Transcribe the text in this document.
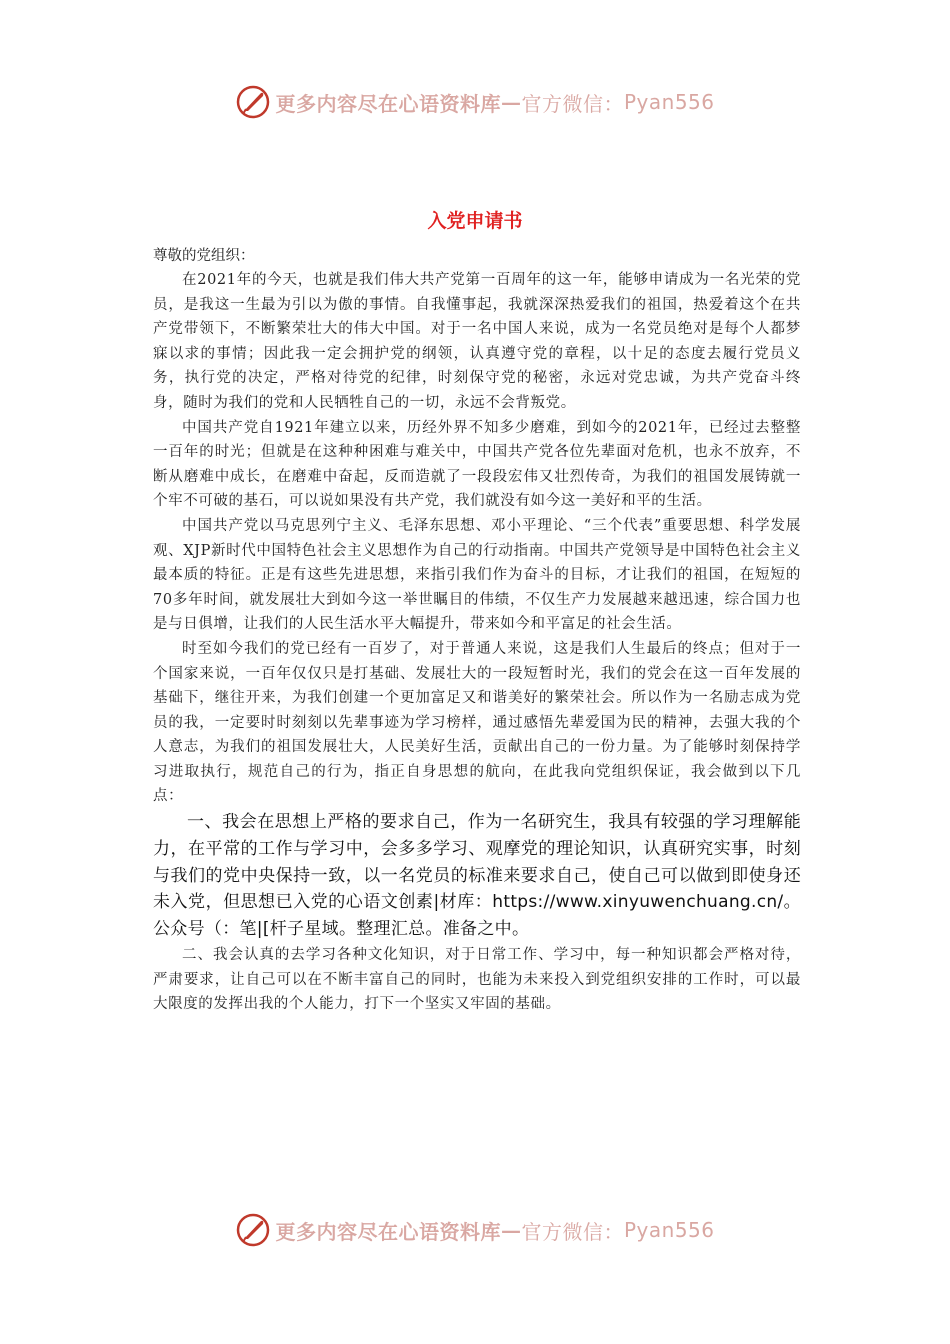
更多内容尽在心语资料库 — 官方微信： Pyan556
入党申请书

尊敬的党组织：

在2021年的今天，也就是我们伟大共产党第一百周年的这一年，能够申请成为一名光荣的党员，是我这一生最为引以为傲的事情。自我懂事起，我就深深热爱我们的祖国，热爱着这个在共产党带领下，不断繁荣壮大的伟大中国。对于一名中国人来说，成为一名党员绝对是每个人都梦寐以求的事情；因此我一定会拥护党的纲领，认真遵守党的章程，以十足的态度去履行党员义务，执行党的决定，严格对待党的纪律，时刻保守党的秘密，永远对党忠诚，为共产党奋斗终身，随时为我们的党和人民牺牲自己的一切，永远不会背叛党。

中国共产党自1921年建立以来，历经外界不知多少磨难，到如今的2021年，已经过去整整一百年的时光；但就是在这种种困难与难关中，中国共产党各位先辈面对危机，也永不放弃，不断从磨难中成长，在磨难中奋起，反而造就了一段段宏伟又壮烈传奇，为我们的祖国发展铸就一个牢不可破的基石，可以说如果没有共产党，我们就没有如今这一美好和平的生活。

中国共产党以马克思列宁主义、毛泽东思想、邓小平理论、“三个代表”重要思想、科学发展观、XJP新时代中国特色社会主义思想作为自己的行动指南。中国共产党领导是中国特色社会主义最本质的特征。正是有这些先进思想，来指引我们作为奋斗的目标，才让我们的祖国，在短短的70多年时间，就发展壮大到如今这一举世瞩目的伟绩，不仅生产力发展越来越迅速，综合国力也是与日俱增，让我们的人民生活水平大幅提升，带来如今和平富足的社会生活。

时至如今我们的党已经有一百岁了，对于普通人来说，这是我们人生最后的终点；但对于一个国家来说，一百年仅仅只是打基础、发展壮大的一段短暂时光，我们的党会在这一百年发展的基础下，继往开来，为我们创建一个更加富足又和谐美好的繁荣社会。所以作为一名励志成为党员的我，一定要时时刻刻以先辈事迹为学习榜样，通过感悟先辈爱国为民的精神，去强大我的个人意志，为我们的祖国发展壮大，人民美好生活，贡献出自己的一份力量。为了能够时刻保持学习进取执行，规范自己的行为，指正自身思想的航向，在此我向党组织保证，我会做到以下几点：

一、我会在思想上严格的要求自己，作为一名研究生，我具有较强的学习理解能力，在平常的工作与学习中，会多多学习、观摩党的理论知识，认真研究实事，时刻与我们的党中央保持一致，以一名党员的标准来要求自己，使自己可以做到即使身还未入党，但思想已入党的心语文创素|材库：https://www.xinyuwenchuang.cn/。公众号（：笔|[杆子星域。整理汇总。准备之中。

二、我会认真的去学习各种文化知识，对于日常工作、学习中，每一种知识都会严格对待，严肃要求，让自己可以在不断丰富自己的同时，也能为未来投入到党组织安排的工作时，可以最大限度的发挥出我的个人能力，打下一个坚实又牢固的基础。

更多内容尽在心语资料库 — 官方微信： Pyan556
